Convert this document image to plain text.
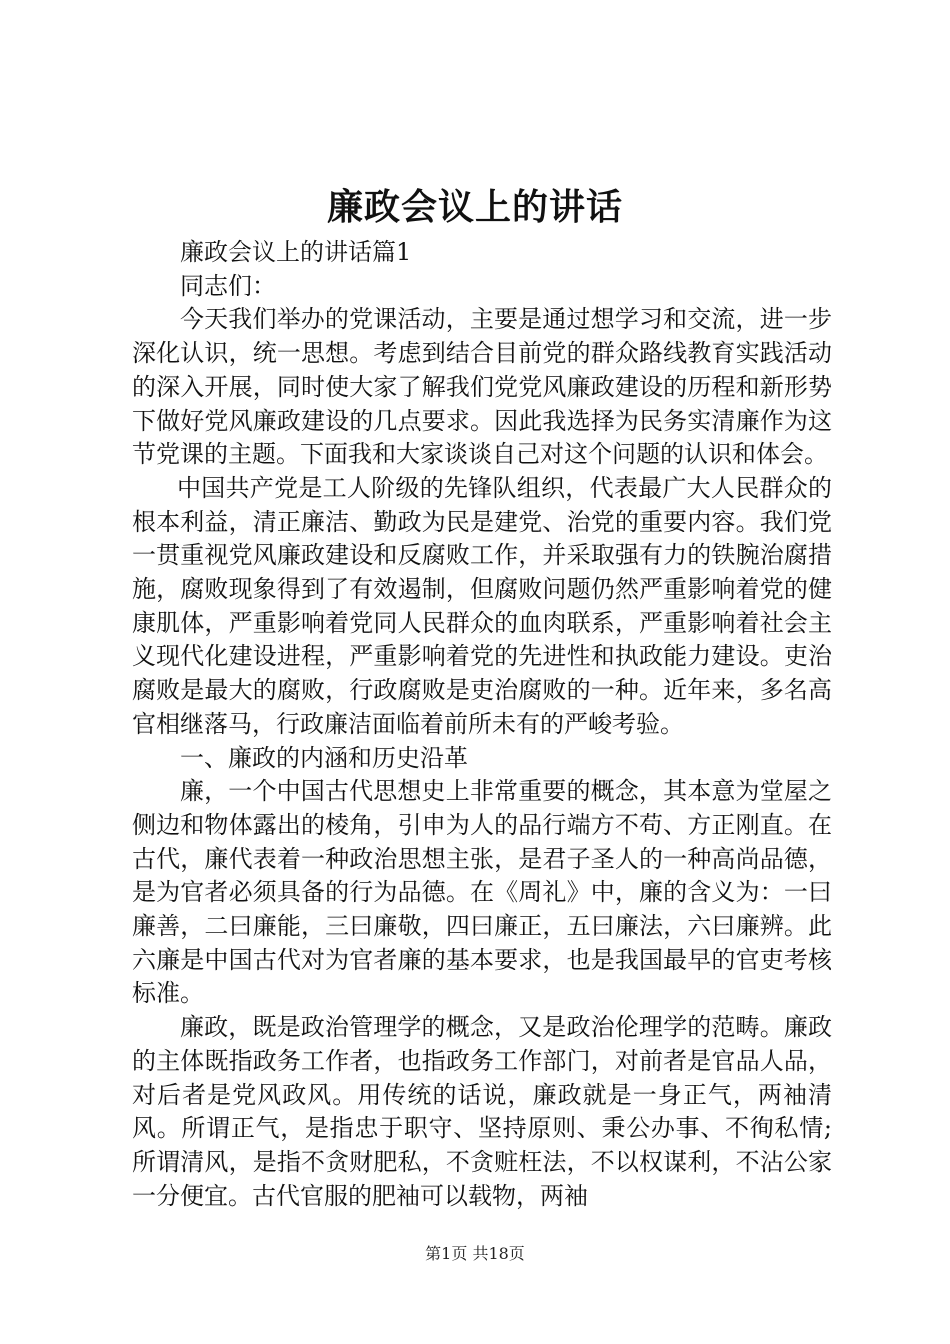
廉政会议上的讲话

廉政会议上的讲话篇1

同志们：

今天我们举办的党课活动，主要是通过想学习和交流，进一步深化认识，统一思想。考虑到结合目前党的群众路线教育实践活动的深入开展，同时使大家了解我们党党风廉政建设的历程和新形势下做好党风廉政建设的几点要求。因此我选择为民务实清廉作为这节党课的主题。下面我和大家谈谈自己对这个问题的认识和体会。

中国共产党是工人阶级的先锋队组织，代表最广大人民群众的根本利益，清正廉洁、勤政为民是建党、治党的重要内容。我们党一贯重视党风廉政建设和反腐败工作，并采取强有力的铁腕治腐措施，腐败现象得到了有效遏制，但腐败问题仍然严重影响着党的健康肌体，严重影响着党同人民群众的血肉联系，严重影响着社会主义现代化建设进程，严重影响着党的先进性和执政能力建设。吏治腐败是最大的腐败，行政腐败是吏治腐败的一种。近年来，多名高官相继落马，行政廉洁面临着前所未有的严峻考验。

一、廉政的内涵和历史沿革

廉，一个中国古代思想史上非常重要的概念，其本意为堂屋之侧边和物体露出的棱角，引申为人的品行端方不苟、方正刚直。在古代，廉代表着一种政治思想主张，是君子圣人的一种高尚品德，是为官者必须具备的行为品德。在《周礼》中，廉的含义为：一曰廉善，二曰廉能，三曰廉敬，四曰廉正，五曰廉法，六曰廉辨。此六廉是中国古代对为官者廉的基本要求，也是我国最早的官吏考核标准。

廉政，既是政治管理学的概念，又是政治伦理学的范畴。廉政的主体既指政务工作者，也指政务工作部门，对前者是官品人品，对后者是党风政风。用传统的话说，廉政就是一身正气，两袖清风。所谓正气，是指忠于职守、坚持原则、秉公办事、不徇私情;所谓清风，是指不贪财肥私，不贪赃枉法，不以权谋利，不沾公家一分便宜。古代官服的肥袖可以载物，两袖

第1页 共18页
